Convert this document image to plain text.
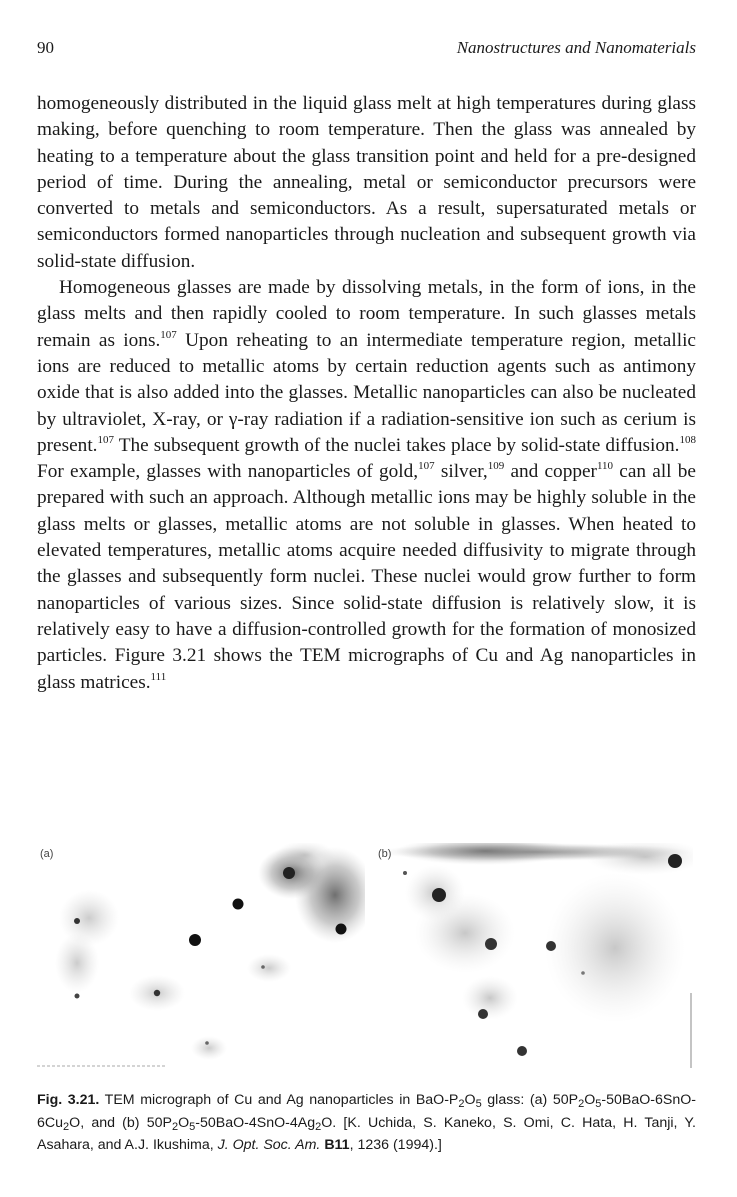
90	Nanostructures and Nanomaterials

homogeneously distributed in the liquid glass melt at high temperatures during glass making, before quenching to room temperature. Then the glass was annealed by heating to a temperature about the glass transition point and held for a pre-designed period of time. During the annealing, metal or semiconductor precursors were converted to metals and semiconductors. As a result, supersaturated metals or semiconductors formed nanoparticles through nucleation and subsequent growth via solid-state diffusion.

Homogeneous glasses are made by dissolving metals, in the form of ions, in the glass melts and then rapidly cooled to room temperature. In such glasses metals remain as ions.$^{107}$ Upon reheating to an intermediate temperature region, metallic ions are reduced to metallic atoms by certain reduction agents such as antimony oxide that is also added into the glasses. Metallic nanoparticles can also be nucleated by ultraviolet, X-ray, or γ-ray radiation if a radiation-sensitive ion such as cerium is present.$^{107}$ The subsequent growth of the nuclei takes place by solid-state diffusion.$^{108}$ For example, glasses with nanoparticles of gold,$^{107}$ silver,$^{109}$ and copper$^{110}$ can all be prepared with such an approach. Although metallic ions may be highly soluble in the glass melts or glasses, metallic atoms are not soluble in glasses. When heated to elevated temperatures, metallic atoms acquire needed diffusivity to migrate through the glasses and subsequently form nuclei. These nuclei would grow further to form nanoparticles of various sizes. Since solid-state diffusion is relatively slow, it is relatively easy to have a diffusion-controlled growth for the formation of monosized particles. Figure 3.21 shows the TEM micrographs of Cu and Ag nanoparticles in glass matrices.$^{111}$

(a)	(b)
Fig. 3.21. TEM micrograph of Cu and Ag nanoparticles in BaO-$P_2O_5$ glass: (a) $50P_2O_5-50BaO-6SnO-6Cu_2O$, and (b) $50P_2O_5-50BaO-4SnO-4Ag_2O$. [K. Uchida, S. Kaneko, S. Omi, C. Hata, H. Tanji, Y. Asahara, and A.J. Ikushima, J. Opt. Soc. Am. B11, 1236 (1994).]
